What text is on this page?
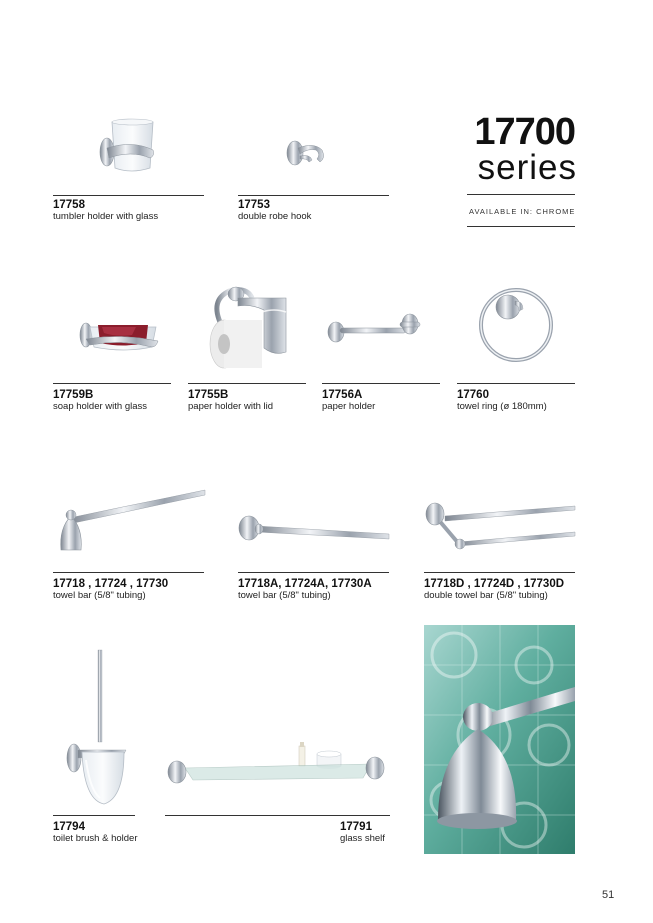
17700
series
AVAILABLE IN: CHROME
17758
tumbler holder with glass
17753
double robe hook
17759B
soap holder with glass
17755B
paper holder with lid
17756A
paper holder
17760
towel ring (ø 180mm)
17718 , 17724 , 17730
towel bar (5/8" tubing)
17718A, 17724A, 17730A
towel bar (5/8" tubing)
17718D , 17724D , 17730D
double towel bar (5/8" tubing)
17794
toilet brush & holder
17791
glass shelf
51
